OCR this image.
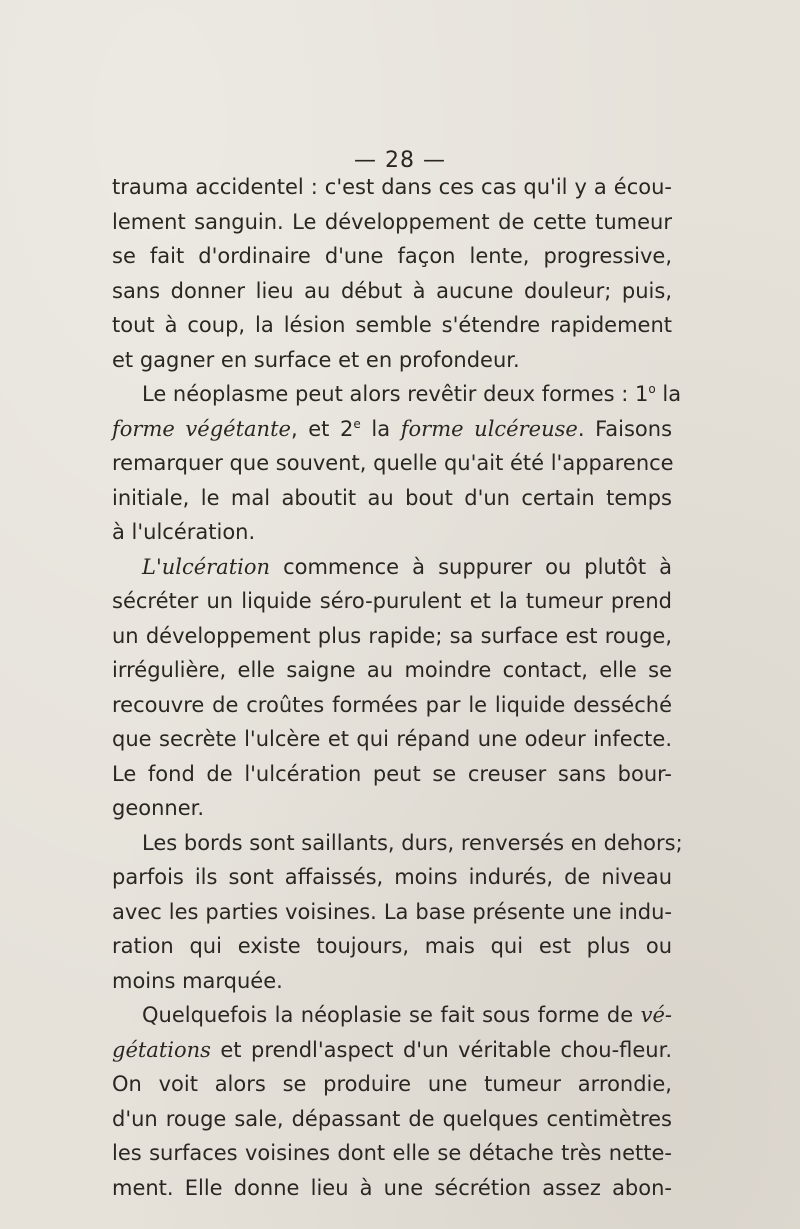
— 28 —
trauma accidentel : c'est dans ces cas qu'il y a écou-
lement sanguin. Le développement de cette tumeur
se fait d'ordinaire d'une façon lente, progressive,
sans donner lieu au début à aucune douleur; puis,
tout à coup, la lésion semble s'étendre rapidement
et gagner en surface et en profondeur.
Le néoplasme peut alors revêtir deux formes : 1$^o$ la
forme végétante, et 2e la forme ulcéreuse. Faisons
remarquer que souvent, quelle qu'ait été l'apparence
initiale, le mal aboutit au bout d'un certain temps
à l'ulcération.
L'ulcération commence à suppurer ou plutôt à
sécréter un liquide séro-purulent et la tumeur prend
un développement plus rapide; sa surface est rouge,
irrégulière, elle saigne au moindre contact, elle se
recouvre de croûtes formées par le liquide desséché
que secrète l'ulcère et qui répand une odeur infecte.
Le fond de l'ulcération peut se creuser sans bour-
geonner.
Les bords sont saillants, durs, renversés en dehors;
parfois ils sont affaissés, moins indurés, de niveau
avec les parties voisines. La base présente une indu-
ration qui existe toujours, mais qui est plus ou
moins marquée.
Quelquefois la néoplasie se fait sous forme de vé-
gétations et prendl'aspect d'un véritable chou-fleur.
On voit alors se produire une tumeur arrondie,
d'un rouge sale, dépassant de quelques centimètres
les surfaces voisines dont elle se détache très nette-
ment. Elle donne lieu à une sécrétion assez abon-
